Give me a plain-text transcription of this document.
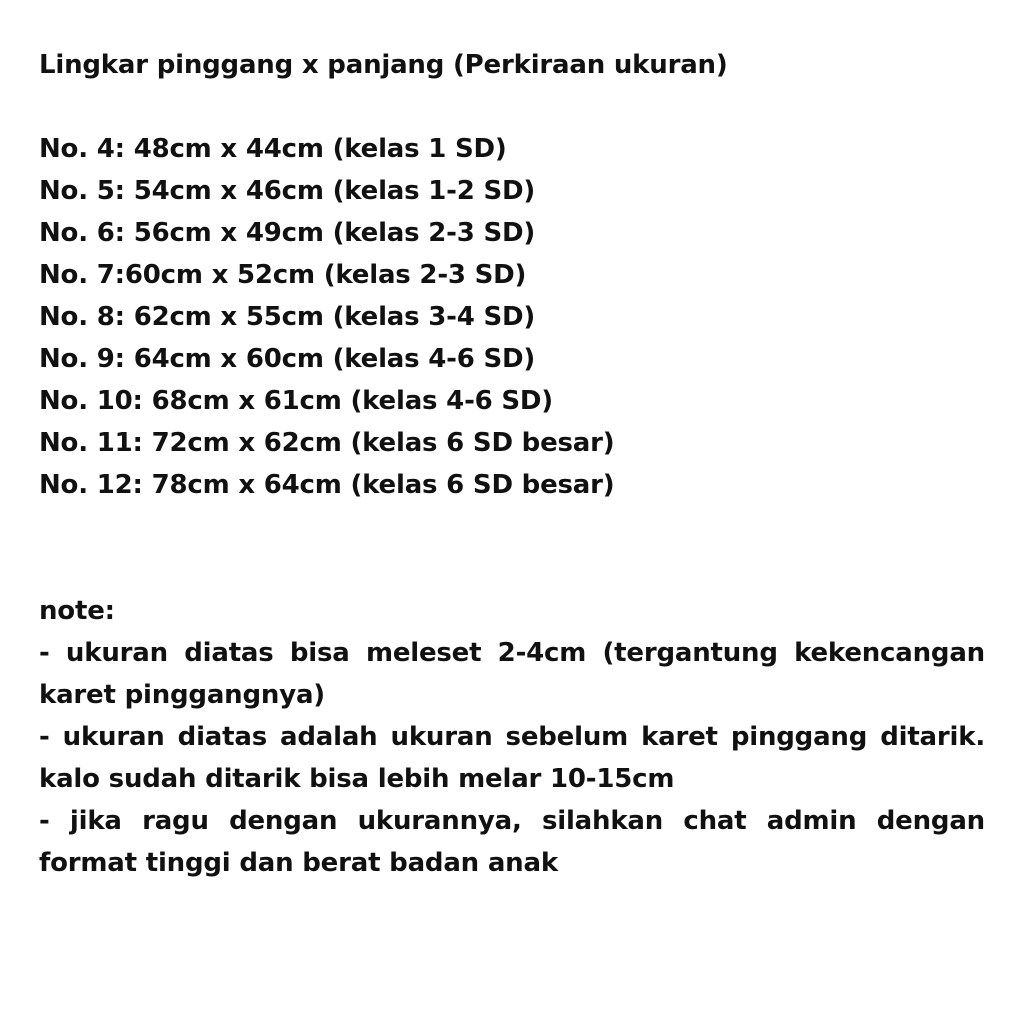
Lingkar pinggang x panjang (Perkiraan ukuran)
No. 4: 48cm x 44cm (kelas 1 SD)
No. 5: 54cm x 46cm (kelas 1-2 SD)
No. 6: 56cm x 49cm (kelas 2-3 SD)
No. 7:60cm x 52cm (kelas 2-3 SD)
No. 8: 62cm x 55cm (kelas 3-4 SD)
No. 9: 64cm x 60cm (kelas 4-6 SD)
No. 10: 68cm x 61cm (kelas 4-6 SD)
No. 11: 72cm x 62cm (kelas 6 SD besar)
No. 12: 78cm x 64cm (kelas 6 SD besar)
note:
- ukuran diatas bisa meleset 2-4cm (tergantung kekencangan karet pinggangnya)
- ukuran diatas adalah ukuran sebelum karet pinggang ditarik. kalo sudah ditarik bisa lebih melar 10-15cm
- jika ragu dengan ukurannya, silahkan chat admin dengan format tinggi dan berat badan anak
